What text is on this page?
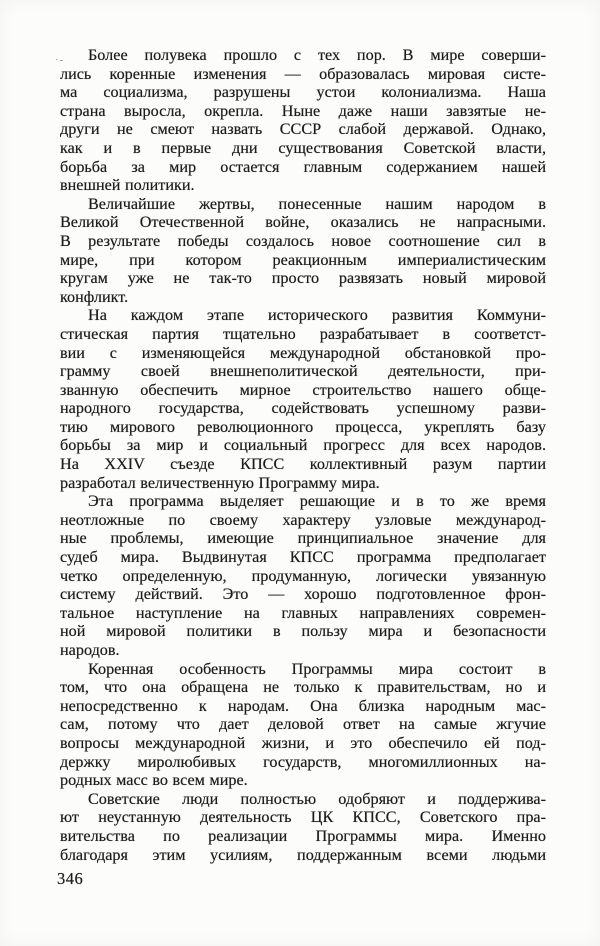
·-	Более полувека прошло с тех пор. В мире соверши-
лись коренные изменения — образовалась мировая систе-
ма социализма, разрушены устои колониализма. Наша
страна выросла, окрепла. Ныне даже наши завзятые не-
други не смеют назвать СССР слабой державой. Однако,
как и в первые дни существования Советской власти,
борьба за мир остается главным содержанием нашей
внешней политики.
Величайшие жертвы, понесенные нашим народом в
Великой Отечественной войне, оказались не напрасными.
В результате победы создалось новое соотношение сил в
мире, при котором реакционным империалистическим
кругам уже не так-то просто развязать новый мировой
конфликт.
На каждом этапе исторического развития Коммуни-
стическая партия тщательно разрабатывает в соответст-
вии с изменяющейся международной обстановкой про-
грамму своей внешнеполитической деятельности, при-
званную обеспечить мирное строительство нашего обще-
народного государства, содействовать успешному разви-
тию мирового революционного процесса, укреплять базу
борьбы за мир и социальный прогресс для всех народов.
На XXIV съезде КПСС коллективный разум партии
разработал величественную Программу мира.
Эта программа выделяет решающие и в то же время
неотложные по своему характеру узловые международ-
ные проблемы, имеющие принципиальное значение для
судеб мира. Выдвинутая КПСС программа предполагает
четко определенную, продуманную, логически увязанную
систему действий. Это — хорошо подготовленное фрон-
тальное наступление на главных направлениях современ-
ной мировой политики в пользу мира и безопасности
народов.
Коренная особенность Программы мира состоит в
том, что она обращена не только к правительствам, но и
непосредственно к народам. Она близка народным мас-
сам, потому что дает деловой ответ на самые жгучие
вопросы международной жизни, и это обеспечило ей под-
держку миролюбивых государств, многомиллионных на-
родных масс во всем мире.
Советские люди полностью одобряют и поддержива-
ют неустанную деятельность ЦК КПСС, Советского пра-
вительства по реализации Программы мира. Именно
благодаря этим усилиям, поддержанным всеми людьми
346
